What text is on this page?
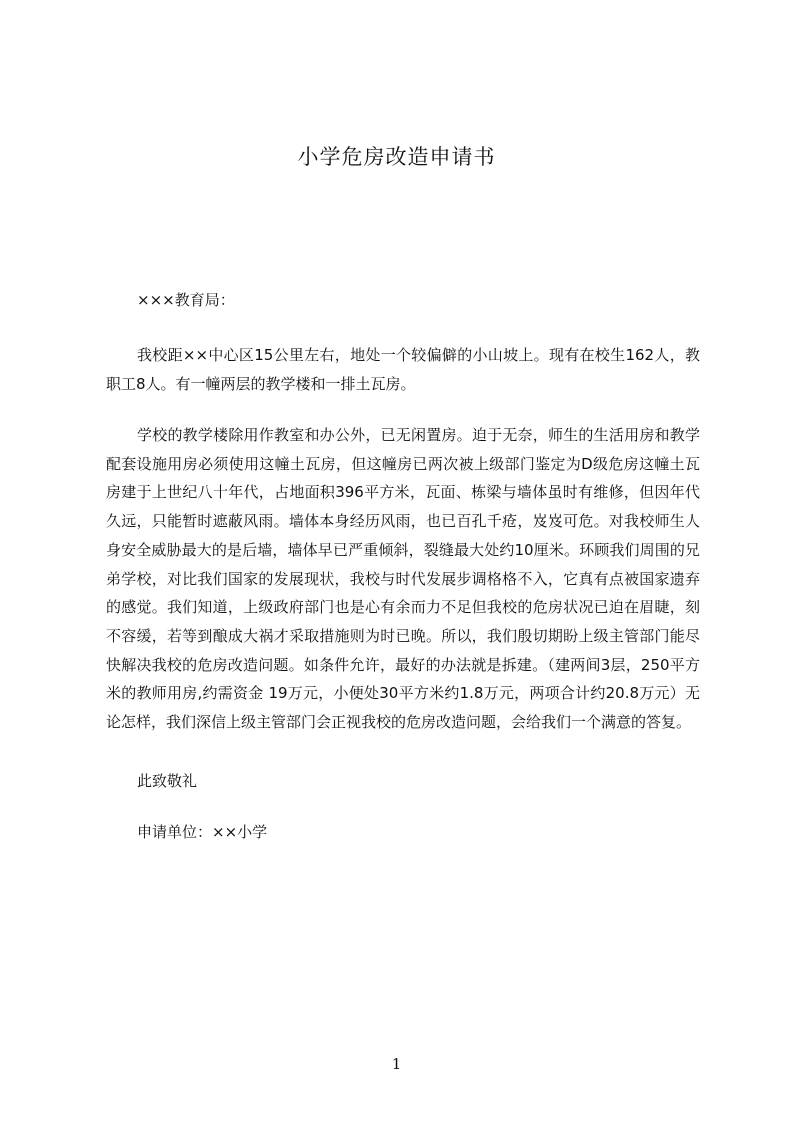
小学危房改造申请书
×××教育局：
我校距××中心区15公里左右，地处一个较偏僻的小山坡上。现有在校生162人，教职工8人。有一幢两层的教学楼和一排土瓦房。
学校的教学楼除用作教室和办公外，已无闲置房。迫于无奈，师生的生活用房和教学配套设施用房必须使用这幢土瓦房，但这幢房已两次被上级部门鉴定为D级危房这幢土瓦房建于上世纪八十年代，占地面积396平方米，瓦面、栋梁与墙体虽时有维修，但因年代久远，只能暂时遮蔽风雨。墙体本身经历风雨，也已百孔千疮，岌岌可危。对我校师生人身安全威胁最大的是后墙，墙体早已严重倾斜，裂缝最大处约10厘米。环顾我们周围的兄弟学校，对比我们国家的发展现状，我校与时代发展步调格格不入，它真有点被国家遗弃的感觉。我们知道，上级政府部门也是心有余而力不足但我校的危房状况已迫在眉睫，刻不容缓，若等到酿成大祸才采取措施则为时已晚。所以，我们殷切期盼上级主管部门能尽快解决我校的危房改造问题。如条件允许，最好的办法就是拆建。（建两间3层，250平方米的教师用房,约需资金 19万元，小便处30平方米约1.8万元，两项合计约20.8万元）无论怎样，我们深信上级主管部门会正视我校的危房改造问题，会给我们一个满意的答复。
此致敬礼
申请单位：××小学
1
